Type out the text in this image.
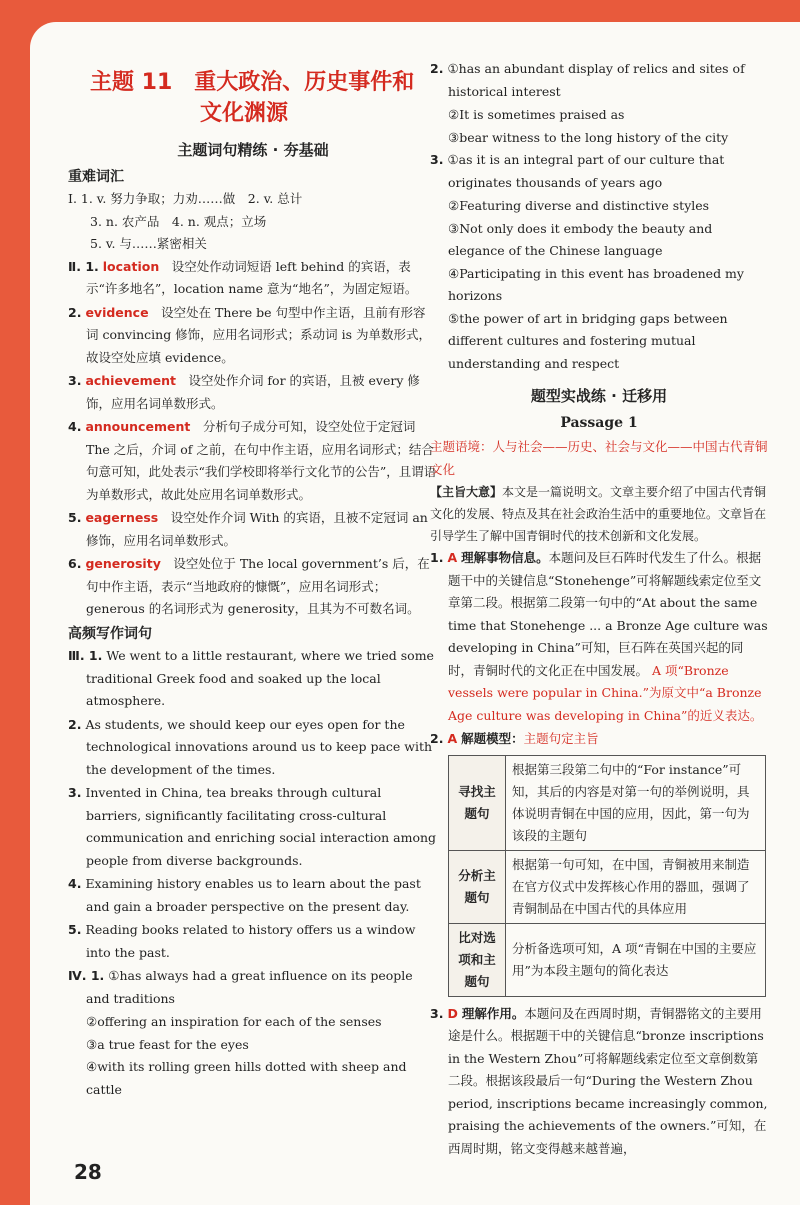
主题 11　重大政治、历史事件和
文化渊源
主题词句精练 · 夯基础
重难词汇

Ⅰ. 1. v. 努力争取；力劝……做　2. v. 总计

3. n. 农产品　4. n. 观点；立场

5. v. 与……紧密相关

Ⅱ. 1. location　设空处作动词短语 left behind 的宾语，表示“许多地名”，location name 意为“地名”，为固定短语。
2. evidence　设空处在 There be 句型中作主语，且前有形容词 convincing 修饰，应用名词形式；系动词 is 为单数形式，故设空处应填 evidence。
3. achievement　设空处作介词 for 的宾语，且被 every 修饰，应用名词单数形式。
4. announcement　分析句子成分可知，设空处位于定冠词 The 之后，介词 of 之前，在句中作主语，应用名词形式；结合句意可知，此处表示“我们学校即将举行文化节的公告”，且谓语为单数形式，故此处应用名词单数形式。
5. eagerness　设空处作介词 With 的宾语，且被不定冠词 an 修饰，应用名词单数形式。
6. generosity　设空处位于 The local government’s 后，在句中作主语，表示“当地政府的慷慨”，应用名词形式；generous 的名词形式为 generosity，且其为不可数名词。
高频写作词句
Ⅲ. 1. We went to a little restaurant, where we tried some traditional Greek food and soaked up the local atmosphere.
2. As students, we should keep our eyes open for the technological innovations around us to keep pace with the development of the times.
3. Invented in China, tea breaks through cultural barriers, significantly facilitating cross-cultural communication and enriching social interaction among people from diverse backgrounds.
4. Examining history enables us to learn about the past and gain a broader perspective on the present day.
5. Reading books related to history offers us a window into the past.
Ⅳ. 1. ①has always had a great influence on its people and traditions

②offering an inspiration for each of the senses

③a true feast for the eyes

④with its rolling green hills dotted with sheep and cattle

2. ①has an abundant display of relics and sites of historical interest

②It is sometimes praised as

③bear witness to the long history of the city

3. ①as it is an integral part of our culture that originates thousands of years ago

②Featuring diverse and distinctive styles

③Not only does it embody the beauty and elegance of the Chinese language

④Participating in this event has broadened my horizons

⑤the power of art in bridging gaps between different cultures and fostering mutual understanding and respect

题型实战练 · 迁移用
Passage 1

主题语境：人与社会——历史、社会与文化——中国古代青铜文化

【主旨大意】本文是一篇说明文。文章主要介绍了中国古代青铜文化的发展、特点及其在社会政治生活中的重要地位。文章旨在引导学生了解中国青铜时代的技术创新和文化发展。

1. A 理解事物信息。本题问及巨石阵时代发生了什么。根据题干中的关键信息“Stonehenge”可将解题线索定位至文章第二段。根据第二段第一句中的“At about the same time that Stonehenge ... a Bronze Age culture was developing in China”可知，巨石阵在英国兴起的同时，青铜时代的文化正在中国发展。 A 项“Bronze vessels were popular in China.”为原文中“a Bronze Age culture was developing in China”的近义表达。
2. A 解题模型：主题句定主旨
寻找主题句	根据第三段第二句中的“For instance”可知，其后的内容是对第一句的举例说明，具体说明青铜在中国的应用，因此，第一句为该段的主题句
分析主题句	根据第一句可知，在中国，青铜被用来制造在官方仪式中发挥核心作用的器皿，强调了青铜制品在中国古代的具体应用
比对选项和主题句	分析备选项可知，A 项“青铜在中国的主要应用”为本段主题句的简化表达
3. D 理解作用。本题问及在西周时期，青铜器铭文的主要用途是什么。根据题干中的关键信息“bronze inscriptions in the Western Zhou”可将解题线索定位至文章倒数第二段。根据该段最后一句“During the Western Zhou period, inscriptions became increasingly common, praising the achievements of the owners.”可知，在西周时期，铭文变得越来越普遍，
28
